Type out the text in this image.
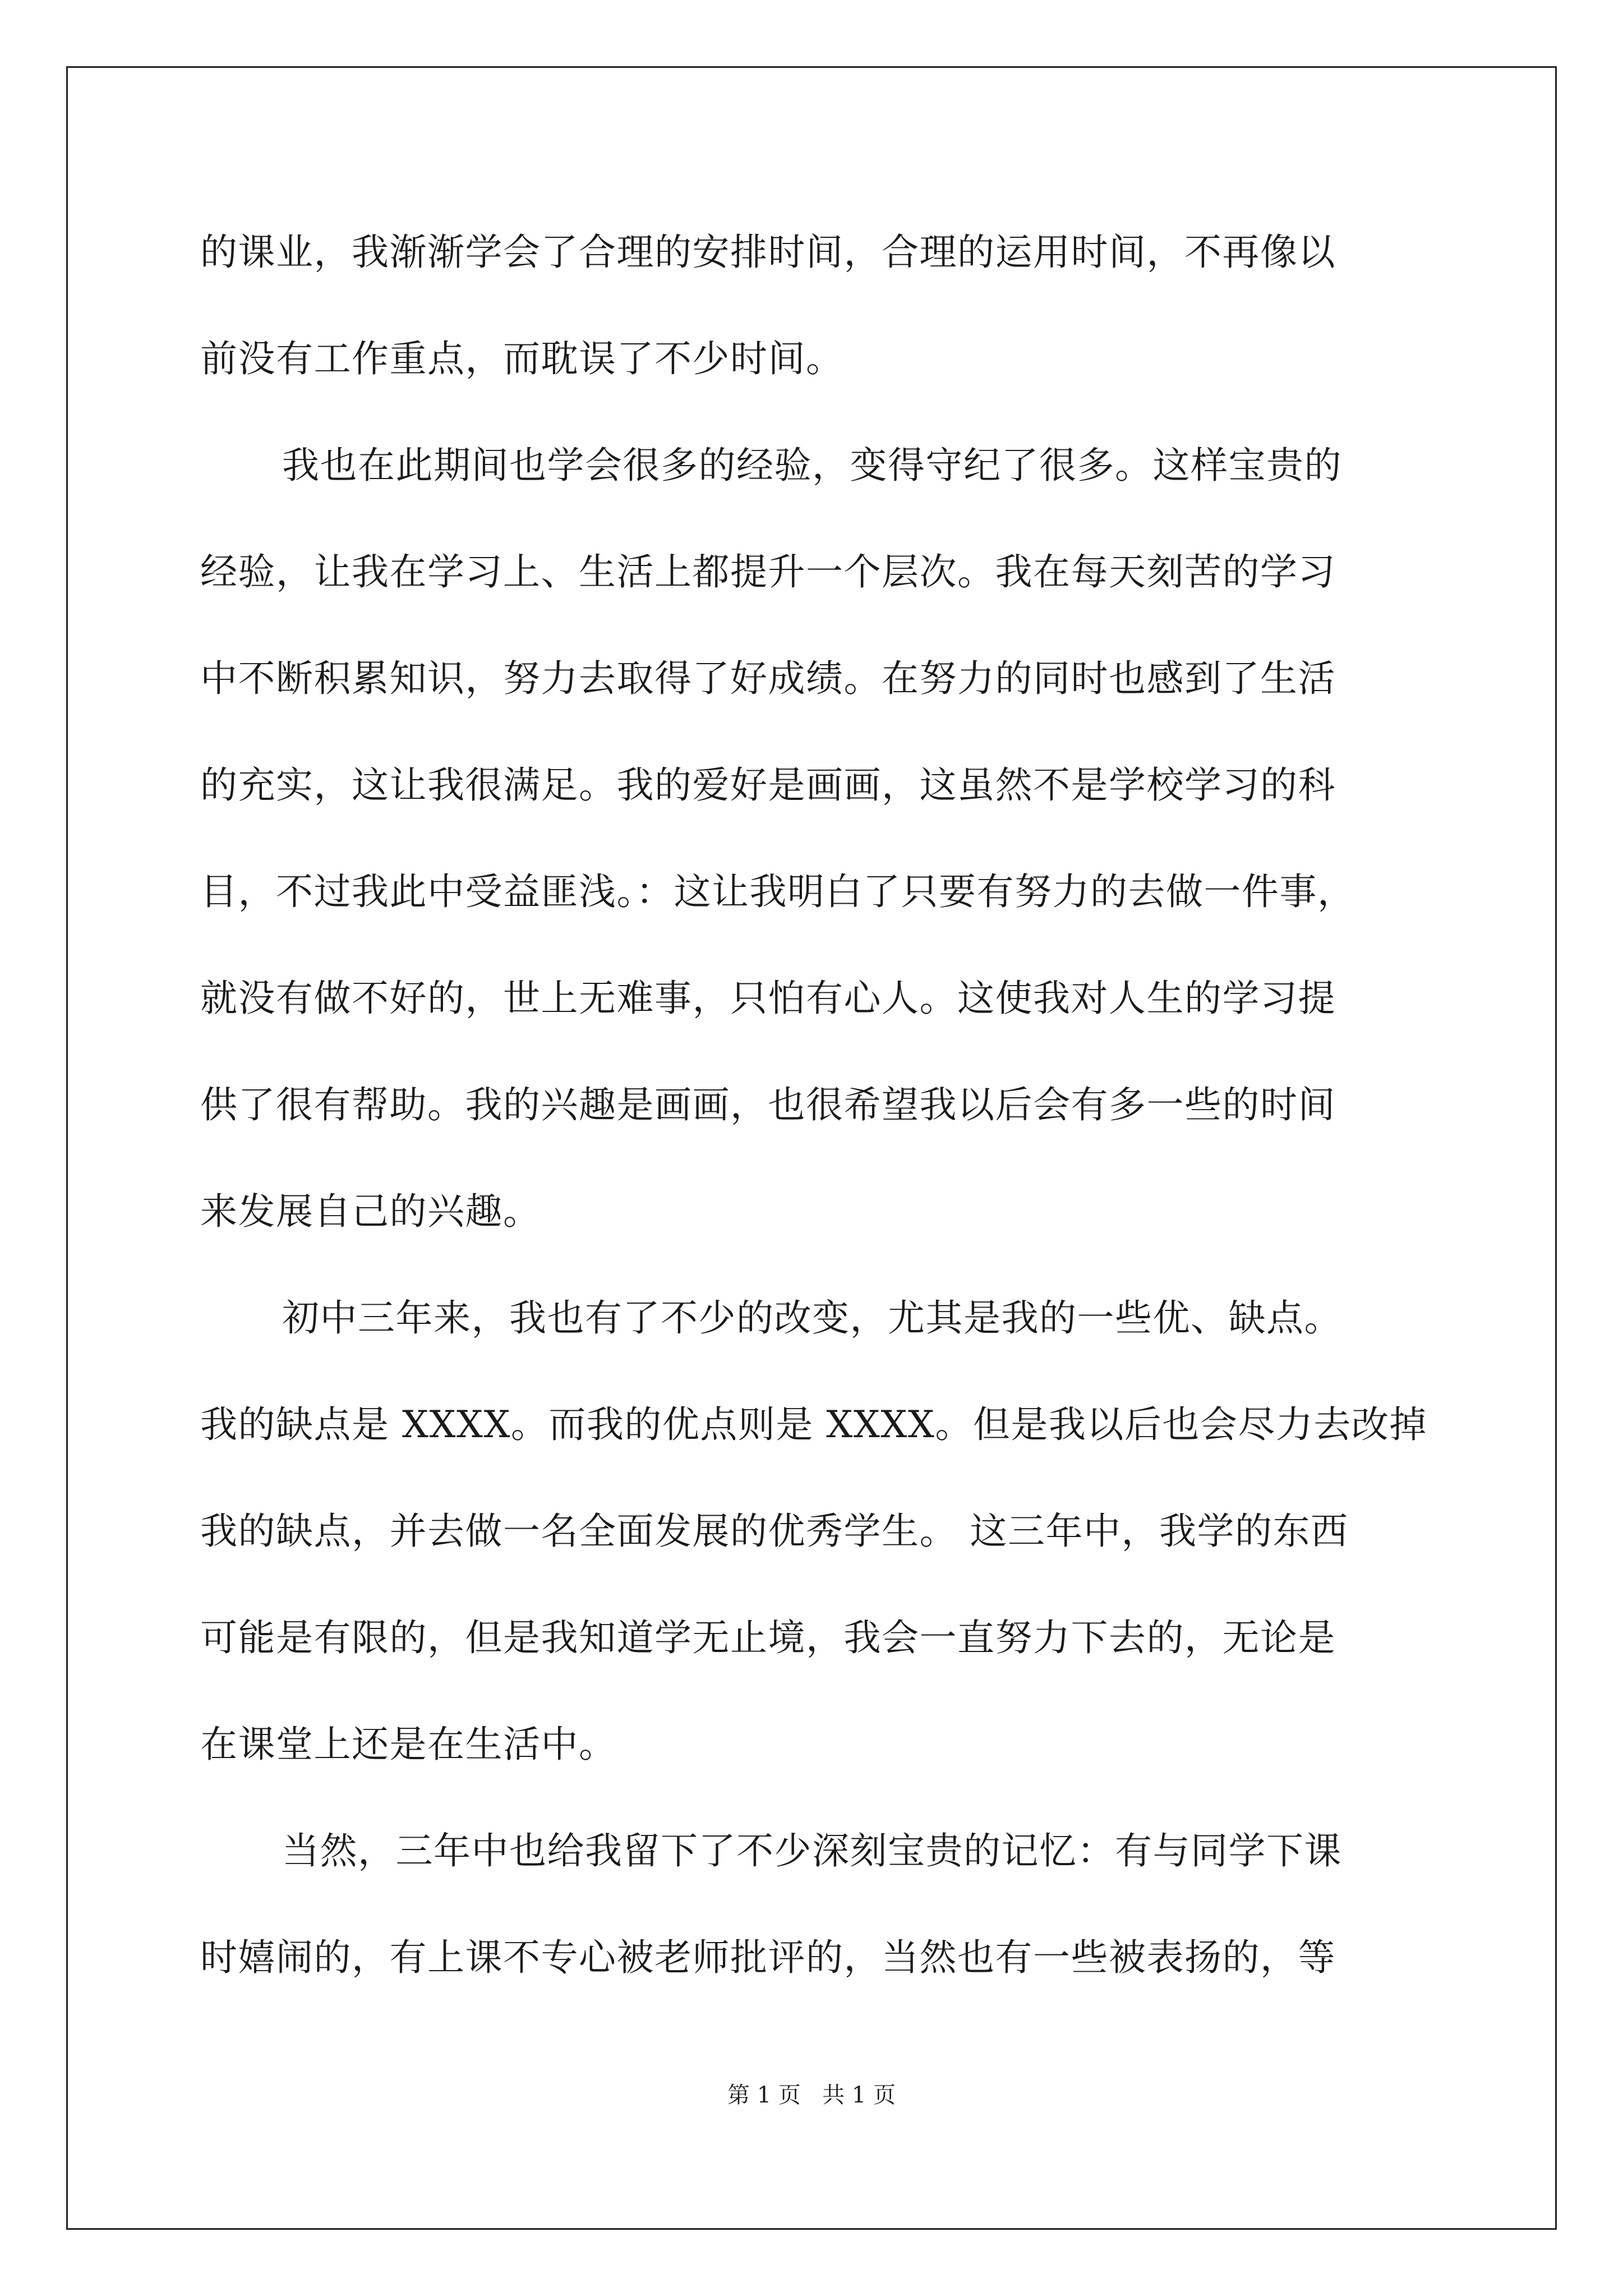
的课业，我渐渐学会了合理的安排时间，合理的运用时间，不再像以
前没有工作重点，而耽误了不少时间。
我也在此期间也学会很多的经验，变得守纪了很多。这样宝贵的
经验，让我在学习上、生活上都提升一个层次。我在每天刻苦的学习
中不断积累知识，努力去取得了好成绩。在努力的同时也感到了生活
的充实，这让我很满足。我的爱好是画画，这虽然不是学校学习的科
目，不过我此中受益匪浅。：这让我明白了只要有努力的去做一件事，
就没有做不好的，世上无难事，只怕有心人。这使我对人生的学习提
供了很有帮助。我的兴趣是画画，也很希望我以后会有多一些的时间
来发展自己的兴趣。
初中三年来，我也有了不少的改变，尤其是我的一些优、缺点。
我的缺点是 XXXX。而我的优点则是 XXXX。但是我以后也会尽力去改掉
我的缺点，并去做一名全面发展的优秀学生。 这三年中，我学的东西
可能是有限的，但是我知道学无止境，我会一直努力下去的，无论是
在课堂上还是在生活中。
当然，三年中也给我留下了不少深刻宝贵的记忆：有与同学下课
时嬉闹的，有上课不专心被老师批评的，当然也有一些被表扬的，等
第 1 页   共 1 页
